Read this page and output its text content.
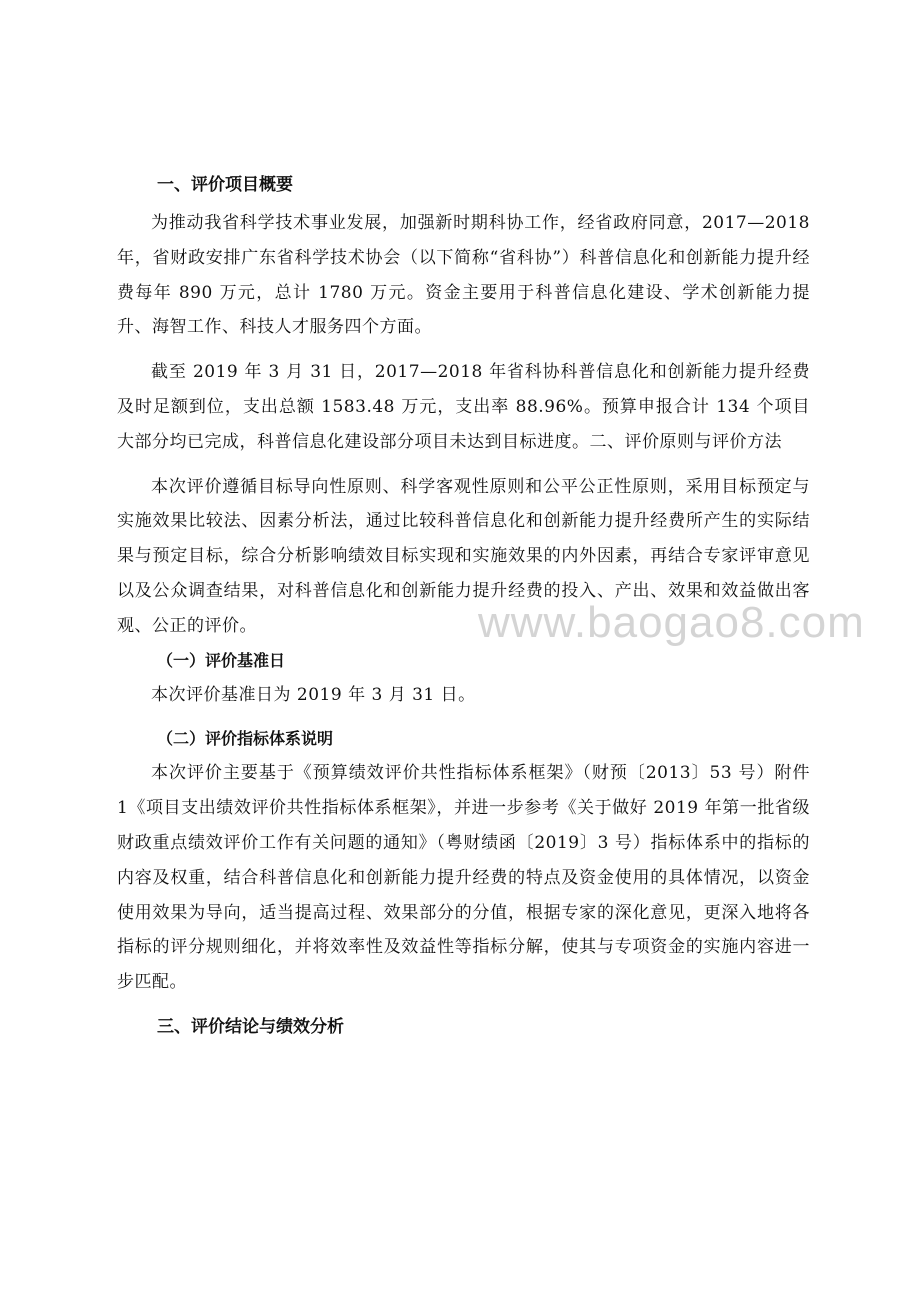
一、评价项目概要

为推动我省科学技术事业发展，加强新时期科协工作，经省政府同意，2017—2018年，省财政安排广东省科学技术协会（以下简称“省科协”）科普信息化和创新能力提升经费每年 890 万元，总计 1780 万元。资金主要用于科普信息化建设、学术创新能力提升、海智工作、科技人才服务四个方面。

截至 2019 年 3 月 31 日，2017—2018 年省科协科普信息化和创新能力提升经费及时足额到位，支出总额 1583.48 万元，支出率 88.96%。预算申报合计 134 个项目大部分均已完成，科普信息化建设部分项目未达到目标进度。二、评价原则与评价方法

本次评价遵循目标导向性原则、科学客观性原则和公平公正性原则，采用目标预定与实施效果比较法、因素分析法，通过比较科普信息化和创新能力提升经费所产生的实际结果与预定目标，综合分析影响绩效目标实现和实施效果的内外因素，再结合专家评审意见以及公众调查结果，对科普信息化和创新能力提升经费的投入、产出、效果和效益做出客观、公正的评价。

（一）评价基准日

本次评价基准日为 2019 年 3 月 31 日。

（二）评价指标体系说明

本次评价主要基于《预算绩效评价共性指标体系框架》（财预〔2013〕53 号）附件 1《项目支出绩效评价共性指标体系框架》，并进一步参考《关于做好 2019 年第一批省级财政重点绩效评价工作有关问题的通知》（粤财绩函〔2019〕3 号）指标体系中的指标的内容及权重，结合科普信息化和创新能力提升经费的特点及资金使用的具体情况，以资金使用效果为导向，适当提高过程、效果部分的分值，根据专家的深化意见，更深入地将各指标的评分规则细化，并将效率性及效益性等指标分解，使其与专项资金的实施内容进一步匹配。

三、评价结论与绩效分析

www.baogao8.com
